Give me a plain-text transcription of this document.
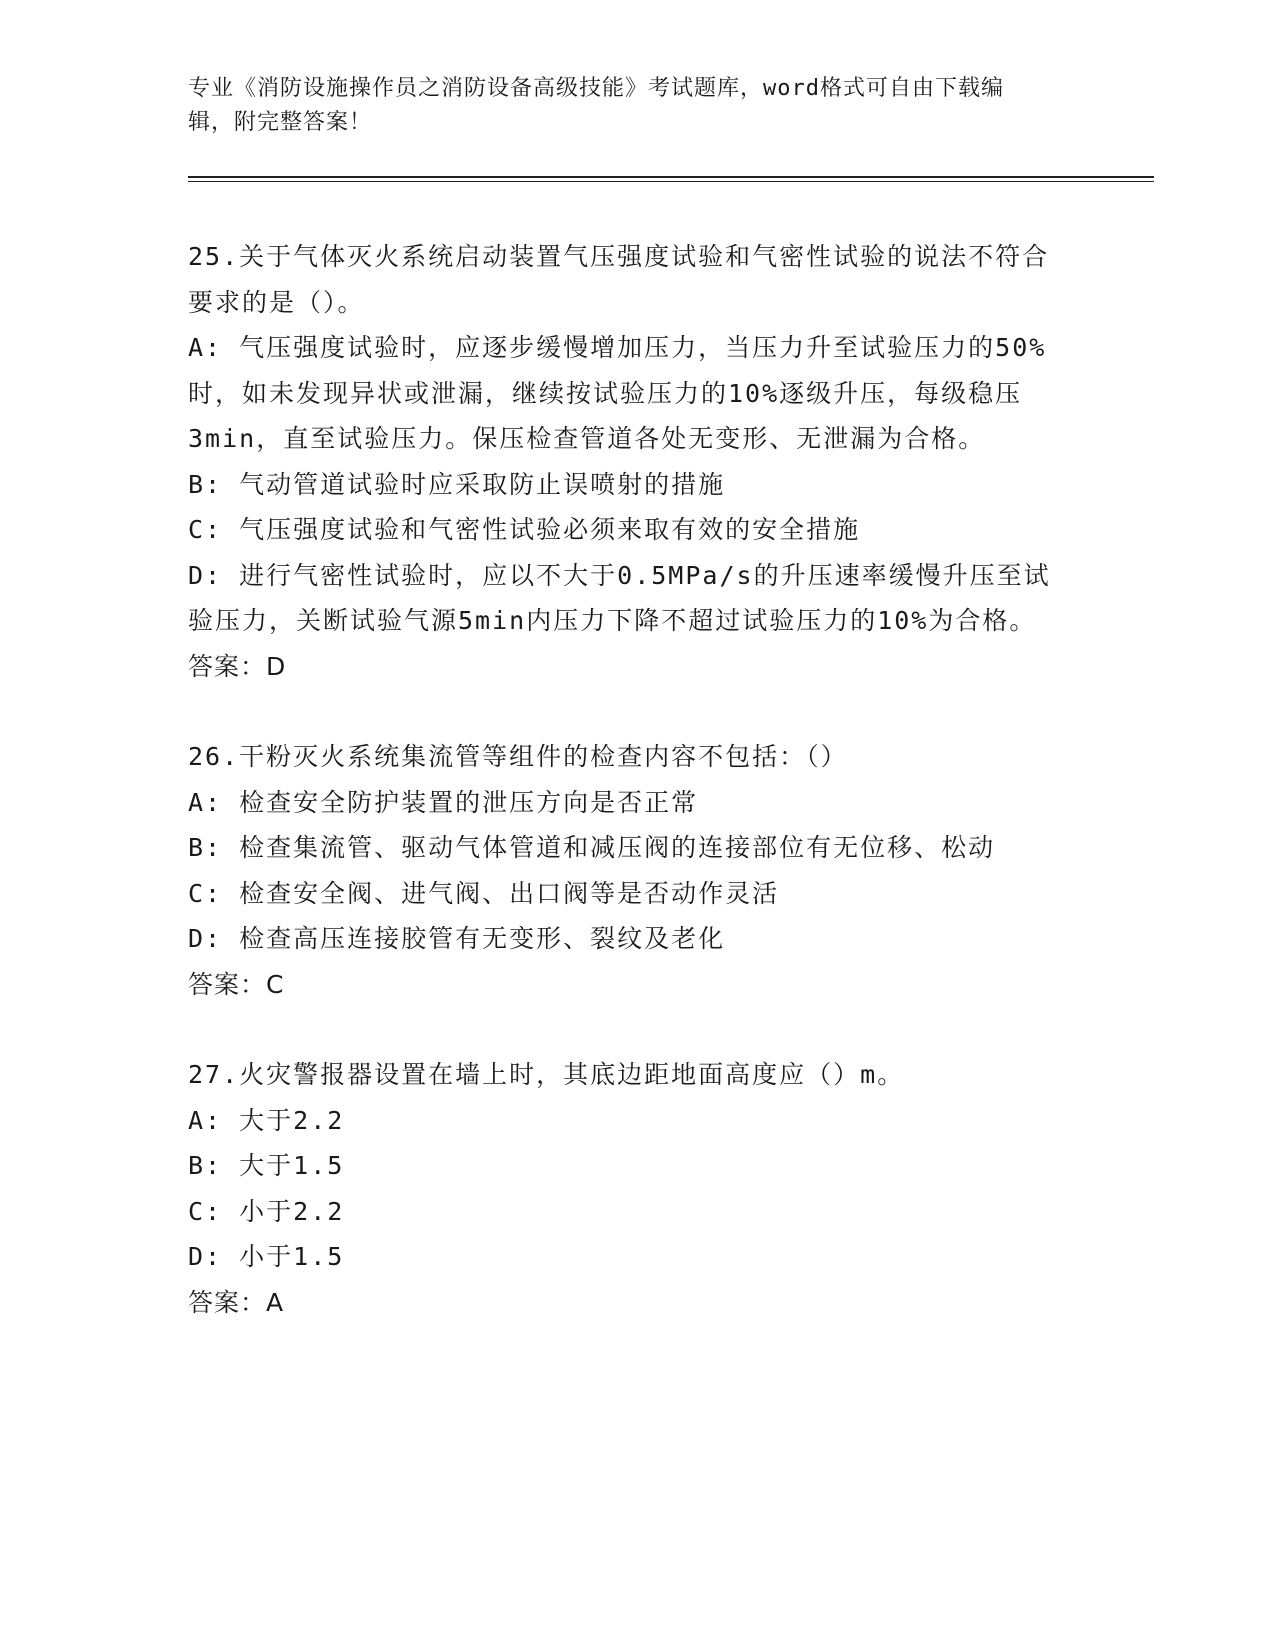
专业《消防设施操作员之消防设备高级技能》考试题库，word格式可自由下载编
辑，附完整答案！
25.关于气体灭火系统启动装置气压强度试验和气密性试验的说法不符合要求的是（）。
A: 气压强度试验时，应逐步缓慢增加压力，当压力升至试验压力的50%时，如未发现异状或泄漏，继续按试验压力的10%逐级升压，每级稳压3min，直至试验压力。保压检查管道各处无变形、无泄漏为合格。
B: 气动管道试验时应采取防止误喷射的措施
C: 气压强度试验和气密性试验必须来取有效的安全措施
D: 进行气密性试验时，应以不大于0.5MPa/s的升压速率缓慢升压至试验压力，关断试验气源5min内压力下降不超过试验压力的10%为合格。
答案：D
26.干粉灭火系统集流管等组件的检查内容不包括：（）
A: 检查安全防护装置的泄压方向是否正常
B: 检查集流管、驱动气体管道和减压阀的连接部位有无位移、松动
C: 检查安全阀、进气阀、出口阀等是否动作灵活
D: 检查高压连接胶管有无变形、裂纹及老化
答案：C
27.火灾警报器设置在墙上时，其底边距地面高度应（）m。
A: 大于2.2
B: 大于1.5
C: 小于2.2
D: 小于1.5
答案：A
